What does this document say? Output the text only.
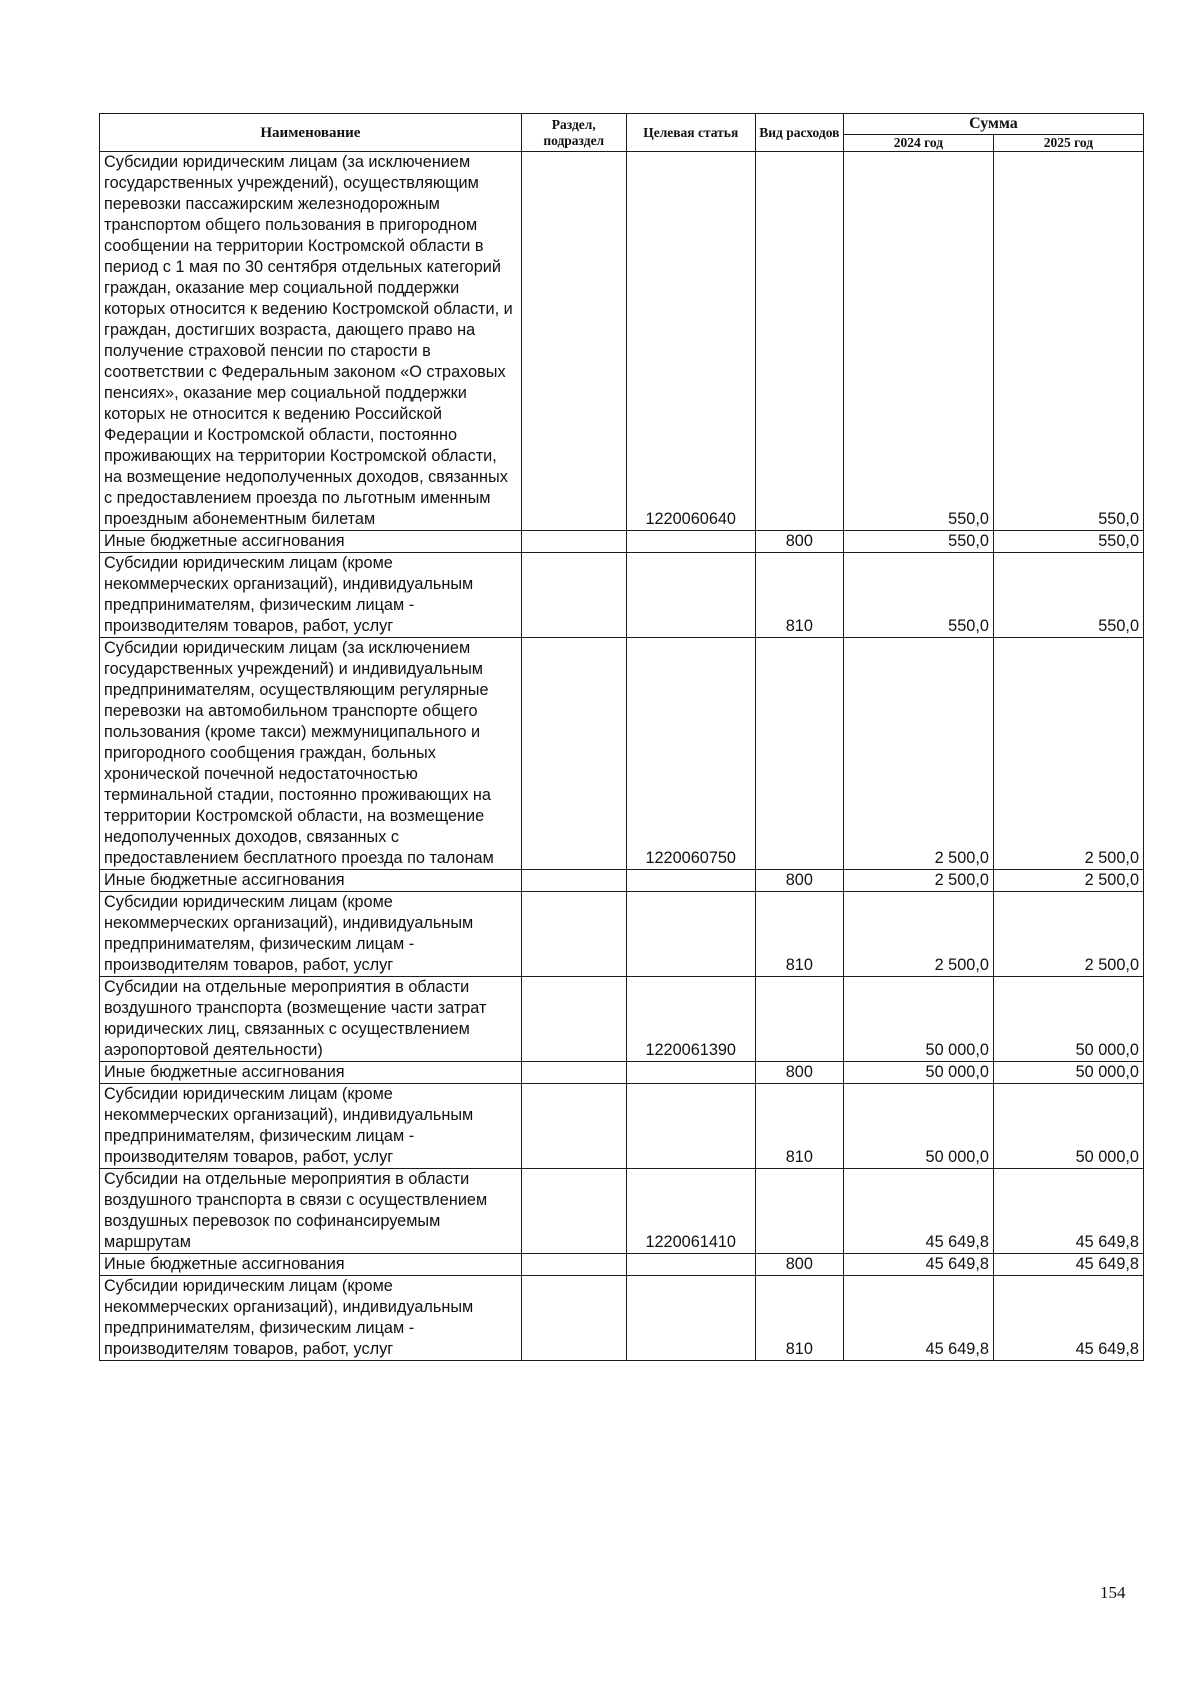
Наименование	Раздел, подраздел	Целевая статья	Вид расходов	Сумма	
				2024 год	2025 год
Субсидии юридическим лицам (за исключением государственных учреждений), осуществляющим перевозки пассажирским железнодорожным транспортом общего пользования в пригородном сообщении на территории Костромской области в период с 1 мая по 30 сентября отдельных категорий граждан, оказание мер социальной поддержки которых относится к ведению Костромской области, и граждан, достигших возраста, дающего право на получение страховой пенсии по старости в соответствии с Федеральным законом «О страховых пенсиях», оказание мер социальной поддержки которых не относится к ведению Российской Федерации и Костромской области, постоянно проживающих на территории Костромской области, на возмещение недополученных доходов, связанных с предоставлением проезда по льготным именным проездным абонементным билетам		1220060640		550,0	550,0
Иные бюджетные ассигнования			800	550,0	550,0
Субсидии юридическим лицам (кроме некоммерческих организаций), индивидуальным предпринимателям, физическим лицам - производителям товаров, работ, услуг			810	550,0	550,0
Субсидии юридическим лицам (за исключением государственных учреждений) и индивидуальным предпринимателям, осуществляющим регулярные перевозки на автомобильном транспорте общего пользования (кроме такси) межмуниципального и пригородного сообщения граждан, больных хронической почечной недостаточностью терминальной стадии, постоянно проживающих на территории Костромской области, на возмещение недополученных доходов, связанных с предоставлением бесплатного проезда по талонам		1220060750		2 500,0	2 500,0
Иные бюджетные ассигнования			800	2 500,0	2 500,0
Субсидии юридическим лицам (кроме некоммерческих организаций), индивидуальным предпринимателям, физическим лицам - производителям товаров, работ, услуг			810	2 500,0	2 500,0
Субсидии на отдельные мероприятия в области воздушного транспорта (возмещение части затрат юридических лиц, связанных с осуществлением аэропортовой деятельности)		1220061390		50 000,0	50 000,0
Иные бюджетные ассигнования			800	50 000,0	50 000,0
Субсидии юридическим лицам (кроме некоммерческих организаций), индивидуальным предпринимателям, физическим лицам - производителям товаров, работ, услуг			810	50 000,0	50 000,0
Субсидии на отдельные мероприятия в области воздушного транспорта в связи с осуществлением воздушных перевозок по софинансируемым маршрутам		1220061410		45 649,8	45 649,8
Иные бюджетные ассигнования			800	45 649,8	45 649,8
Субсидии юридическим лицам (кроме некоммерческих организаций), индивидуальным предпринимателям, физическим лицам - производителям товаров, работ, услуг			810	45 649,8	45 649,8
154
